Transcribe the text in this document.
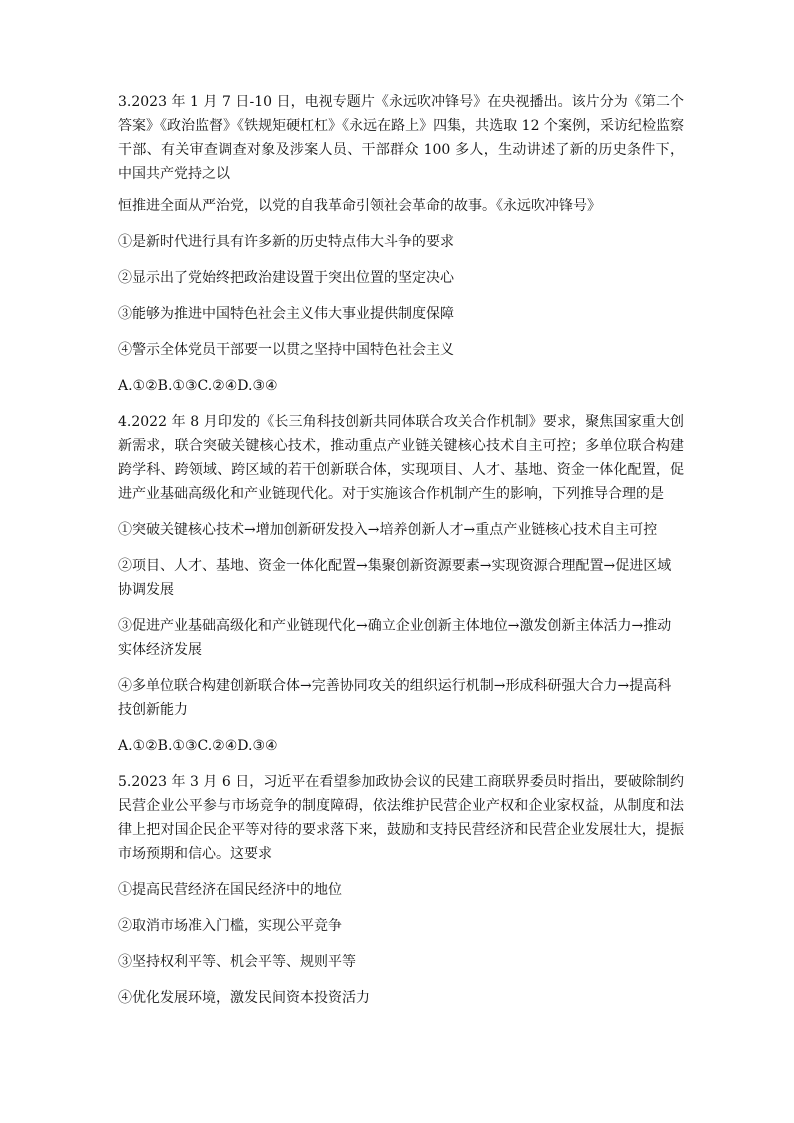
3.2023 年 1 月 7 日-10 日，电视专题片《永远吹冲锋号》在央视播出。该片分为《第二个答案》《政治监督》《铁规矩硬杠杠》《永远在路上》四集，共选取 12 个案例，采访纪检监察干部、有关审查调查对象及涉案人员、干部群众 100 多人，生动讲述了新的历史条件下，中国共产党持之以

恒推进全面从严治党，以党的自我革命引领社会革命的故事。《永远吹冲锋号》

①是新时代进行具有许多新的历史特点伟大斗争的要求

②显示出了党始终把政治建设置于突出位置的坚定决心

③能够为推进中国特色社会主义伟大事业提供制度保障

④警示全体党员干部要一以贯之坚持中国特色社会主义

A.①②B.①③C.②④D.③④

4.2022 年 8 月印发的《长三角科技创新共同体联合攻关合作机制》要求，聚焦国家重大创新需求，联合突破关键核心技术，推动重点产业链关键核心技术自主可控；多单位联合构建跨学科、跨领域、跨区域的若干创新联合体，实现项目、人才、基地、资金一体化配置，促进产业基础高级化和产业链现代化。对于实施该合作机制产生的影响，下列推导合理的是

①突破关键核心技术→增加创新研发投入→培养创新人才→重点产业链核心技术自主可控

②项目、人才、基地、资金一体化配置→集聚创新资源要素→实现资源合理配置→促进区域协调发展

③促进产业基础高级化和产业链现代化→确立企业创新主体地位→激发创新主体活力→推动实体经济发展

④多单位联合构建创新联合体→完善协同攻关的组织运行机制→形成科研强大合力→提高科技创新能力

A.①②B.①③C.②④D.③④

5.2023 年 3 月 6 日，习近平在看望参加政协会议的民建工商联界委员时指出，要破除制约民营企业公平参与市场竞争的制度障碍，依法维护民营企业产权和企业家权益，从制度和法律上把对国企民企平等对待的要求落下来，鼓励和支持民营经济和民营企业发展壮大，提振市场预期和信心。这要求

①提高民营经济在国民经济中的地位

②取消市场准入门槛，实现公平竞争

③坚持权利平等、机会平等、规则平等

④优化发展环境，激发民间资本投资活力
